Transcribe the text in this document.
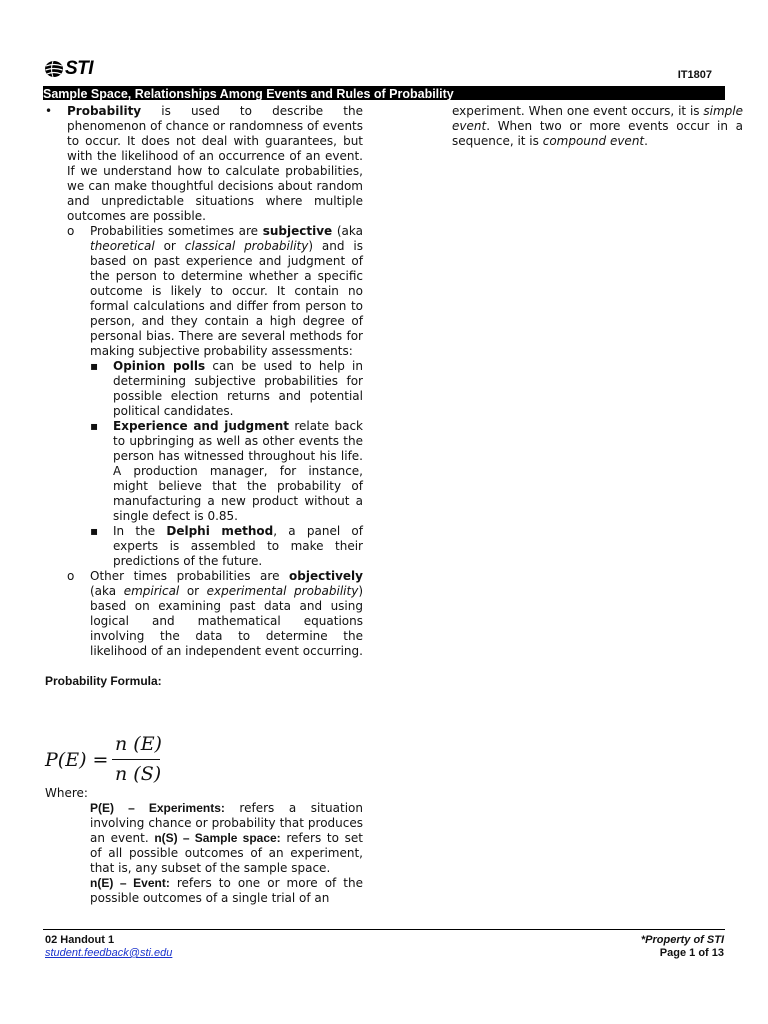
STI	IT1807
Sample Space, Relationships Among Events and Rules of Probability
•	Probability is used to describe the phenomenon of chance or randomness of events to occur. It does not deal with guarantees, but with the likelihood of an occurrence of an event. If we understand how to calculate probabilities, we can make thoughtful decisions about random and unpredictable situations where multiple outcomes are possible.

o	Probabilities sometimes are subjective (aka theoretical or classical probability) and is based on past experience and judgment of the person to determine whether a specific outcome is likely to occur. It contain no formal calculations and differ from person to person, and they contain a high degree of personal bias. There are several methods for making subjective probability assessments:

▪	Opinion polls can be used to help in determining subjective probabilities for possible election returns and potential political candidates.

▪	Experience and judgment relate back to upbringing as well as other events the person has witnessed throughout his life. A production manager, for instance, might believe that the probability of manufacturing a new product without a single defect is 0.85.

▪	In the Delphi method, a panel of experts is assembled to make their predictions of the future.

o	Other times probabilities are objectively (aka empirical or experimental probability) based on examining past data and using logical and mathematical equations involving the data to determine the likelihood of an independent event occurring.

Probability Formula:

P(E) =
n (E)
n (S)

Where:

P(E) – Experiments: refers a situation involving chance or probability that produces an event. n(S) – Sample space: refers to set of all possible outcomes of an experiment, that is, any subset of the sample space.

n(E) – Event: refers to one or more of the possible outcomes of a single trial of an

experiment. When one event occurs, it is simple event. When two or more events occur in a sequence, it is compound event.

02 Handout 1
student.feedback@sti.edu
*Property of STI
Page 1 of 13
